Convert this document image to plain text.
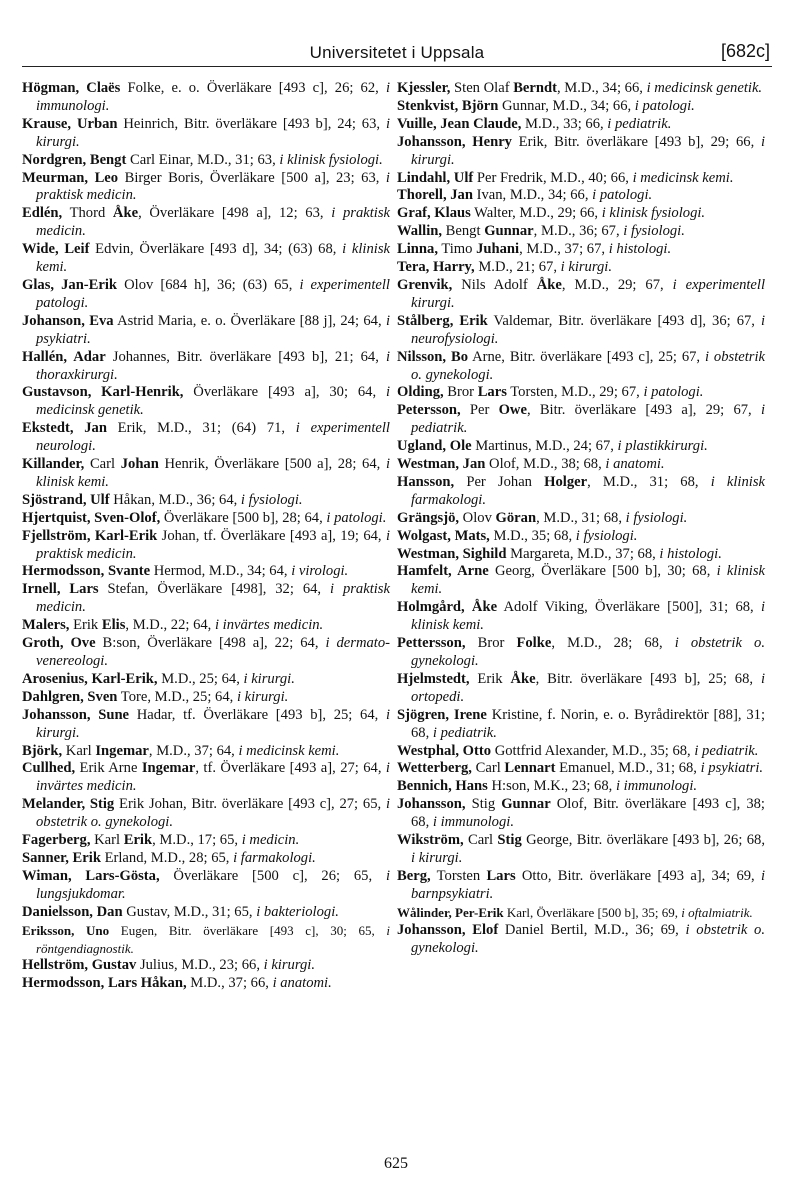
Universitetet i Uppsala	[682c]

Högman, Claës Folke, e. o. Överläkare [493 c], 26; 62, i immunologi.

Krause, Urban Heinrich, Bitr. överläkare [493 b], 24; 63, i kirurgi.

Nordgren, Bengt Carl Einar, M.D., 31; 63, i klinisk fysiologi.

Meurman, Leo Birger Boris, Överläkare [500 a], 23; 63, i praktisk medicin.

Edlén, Thord Åke, Överläkare [498 a], 12; 63, i praktisk medicin.

Wide, Leif Edvin, Överläkare [493 d], 34; (63) 68, i klinisk kemi.

Glas, Jan-Erik Olov [684 h], 36; (63) 65, i experimentell patologi.

Johanson, Eva Astrid Maria, e. o. Överläkare [88 j], 24; 64, i psykiatri.

Hallén, Adar Johannes, Bitr. överläkare [493 b], 21; 64, i thoraxkirurgi.

Gustavson, Karl-Henrik, Överläkare [493 a], 30; 64, i medicinsk genetik.

Ekstedt, Jan Erik, M.D., 31; (64) 71, i experimentell neurologi.

Killander, Carl Johan Henrik, Överläkare [500 a], 28; 64, i klinisk kemi.

Sjöstrand, Ulf Håkan, M.D., 36; 64, i fysiologi.

Hjertquist, Sven-Olof, Överläkare [500 b], 28; 64, i patologi.

Fjellström, Karl-Erik Johan, tf. Överläkare [493 a], 19; 64, i praktisk medicin.

Hermodsson, Svante Hermod, M.D., 34; 64, i virologi.

Irnell, Lars Stefan, Överläkare [498], 32; 64, i praktisk medicin.

Malers, Erik Elis, M.D., 22; 64, i invärtes medicin.

Groth, Ove B:son, Överläkare [498 a], 22; 64, i dermato-venereologi.

Arosenius, Karl-Erik, M.D., 25; 64, i kirurgi.

Dahlgren, Sven Tore, M.D., 25; 64, i kirurgi.

Johansson, Sune Hadar, tf. Överläkare [493 b], 25; 64, i kirurgi.

Björk, Karl Ingemar, M.D., 37; 64, i medicinsk kemi.

Cullhed, Erik Arne Ingemar, tf. Överläkare [493 a], 27; 64, i invärtes medicin.

Melander, Stig Erik Johan, Bitr. överläkare [493 c], 27; 65, i obstetrik o. gynekologi.

Fagerberg, Karl Erik, M.D., 17; 65, i medicin.

Sanner, Erik Erland, M.D., 28; 65, i farmakologi.

Wiman, Lars-Gösta, Överläkare [500 c], 26; 65, i lungsjukdomar.

Danielsson, Dan Gustav, M.D., 31; 65, i bakteriologi.

Eriksson, Uno Eugen, Bitr. överläkare [493 c], 30; 65, i röntgendiagnostik.

Hellström, Gustav Julius, M.D., 23; 66, i kirurgi.

Hermodsson, Lars Håkan, M.D., 37; 66, i anatomi.

Kjessler, Sten Olaf Berndt, M.D., 34; 66, i medicinsk genetik.

Stenkvist, Björn Gunnar, M.D., 34; 66, i patologi.

Vuille, Jean Claude, M.D., 33; 66, i pediatrik.

Johansson, Henry Erik, Bitr. överläkare [493 b], 29; 66, i kirurgi.

Lindahl, Ulf Per Fredrik, M.D., 40; 66, i medicinsk kemi.

Thorell, Jan Ivan, M.D., 34; 66, i patologi.

Graf, Klaus Walter, M.D., 29; 66, i klinisk fysiologi.

Wallin, Bengt Gunnar, M.D., 36; 67, i fysiologi.

Linna, Timo Juhani, M.D., 37; 67, i histologi.

Tera, Harry, M.D., 21; 67, i kirurgi.

Grenvik, Nils Adolf Åke, M.D., 29; 67, i experimentell kirurgi.

Stålberg, Erik Valdemar, Bitr. överläkare [493 d], 36; 67, i neurofysiologi.

Nilsson, Bo Arne, Bitr. överläkare [493 c], 25; 67, i obstetrik o. gynekologi.

Olding, Bror Lars Torsten, M.D., 29; 67, i patologi.

Petersson, Per Owe, Bitr. överläkare [493 a], 29; 67, i pediatrik.

Ugland, Ole Martinus, M.D., 24; 67, i plastikkirurgi.

Westman, Jan Olof, M.D., 38; 68, i anatomi.

Hansson, Per Johan Holger, M.D., 31; 68, i klinisk farmakologi.

Grängsjö, Olov Göran, M.D., 31; 68, i fysiologi.

Wolgast, Mats, M.D., 35; 68, i fysiologi.

Westman, Sighild Margareta, M.D., 37; 68, i histologi.

Hamfelt, Arne Georg, Överläkare [500 b], 30; 68, i klinisk kemi.

Holmgård, Åke Adolf Viking, Överläkare [500], 31; 68, i klinisk kemi.

Pettersson, Bror Folke, M.D., 28; 68, i obstetrik o. gynekologi.

Hjelmstedt, Erik Åke, Bitr. överläkare [493 b], 25; 68, i ortopedi.

Sjögren, Irene Kristine, f. Norin, e. o. Byrådirektör [88], 31; 68, i pediatrik.

Westphal, Otto Gottfrid Alexander, M.D., 35; 68, i pediatrik.

Wetterberg, Carl Lennart Emanuel, M.D., 31; 68, i psykiatri.

Bennich, Hans H:son, M.K., 23; 68, i immunologi.

Johansson, Stig Gunnar Olof, Bitr. överläkare [493 c], 38; 68, i immunologi.

Wikström, Carl Stig George, Bitr. överläkare [493 b], 26; 68, i kirurgi.

Berg, Torsten Lars Otto, Bitr. överläkare [493 a], 34; 69, i barnpsykiatri.

Wålinder, Per-Erik Karl, Överläkare [500 b], 35; 69, i oftalmiatrik.

Johansson, Elof Daniel Bertil, M.D., 36; 69, i obstetrik o. gynekologi.

625
